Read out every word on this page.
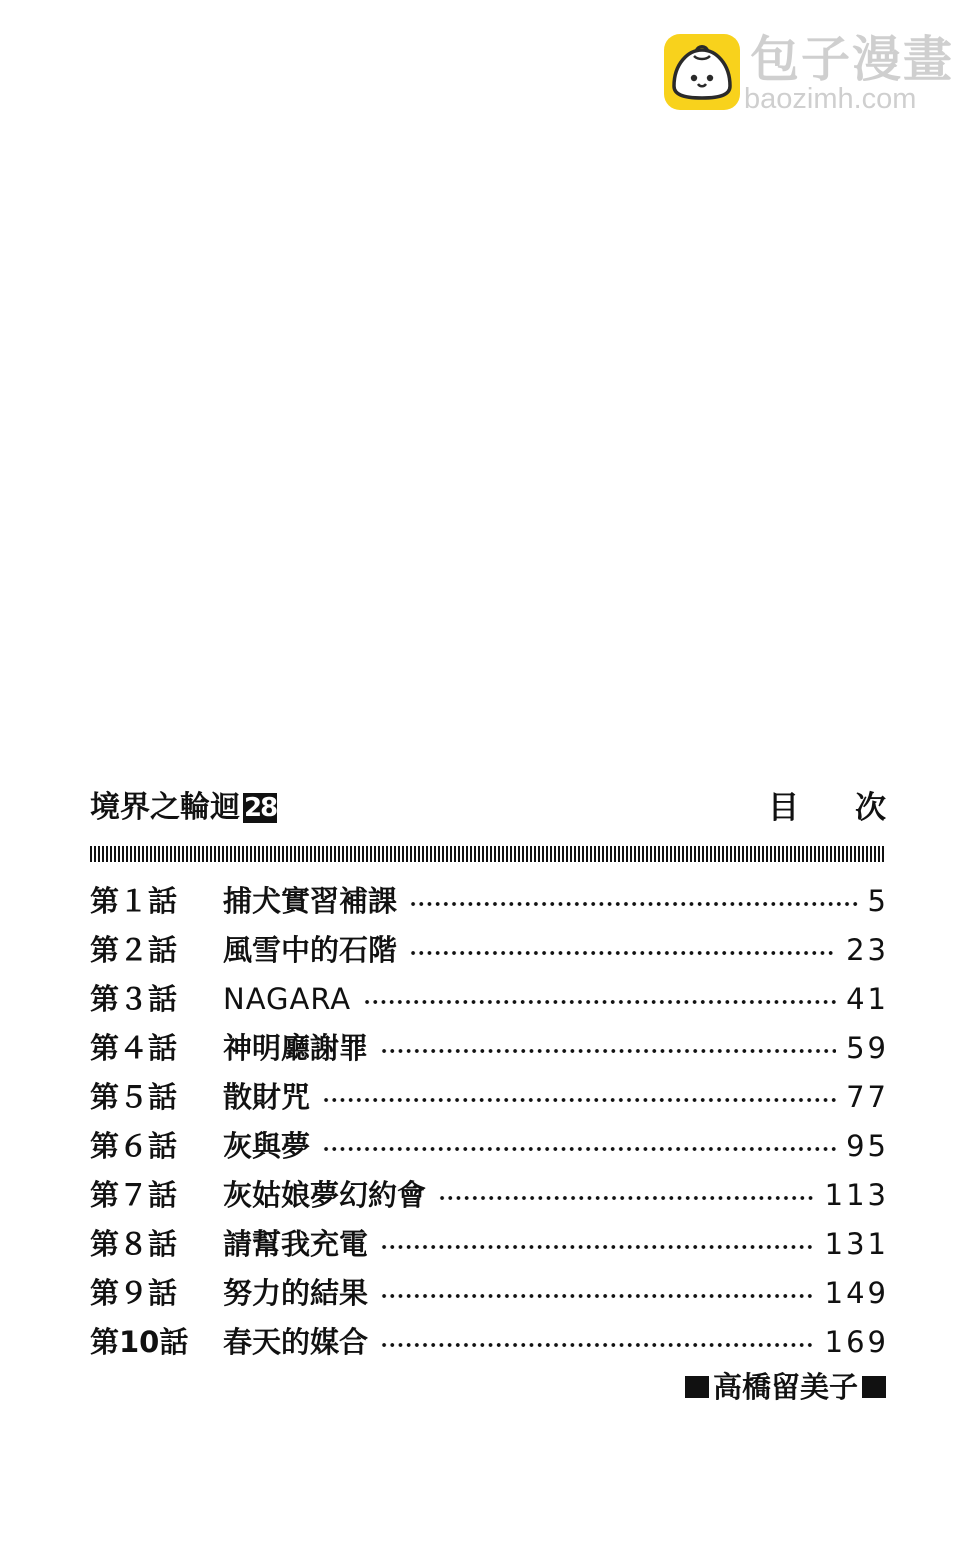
包子漫畫
baozimh.com
境界之輪迴 28	目 次
第１話	捕犬實習補課	5
第２話	風雪中的石階	23
第３話	NAGARA	41
第４話	神明廳謝罪	59
第５話	散財咒	77
第６話	灰與夢	95
第７話	灰姑娘夢幻約會	113
第８話	請幫我充電	131
第９話	努力的結果	149
第10話	春天的媒合	169
高橋留美子
